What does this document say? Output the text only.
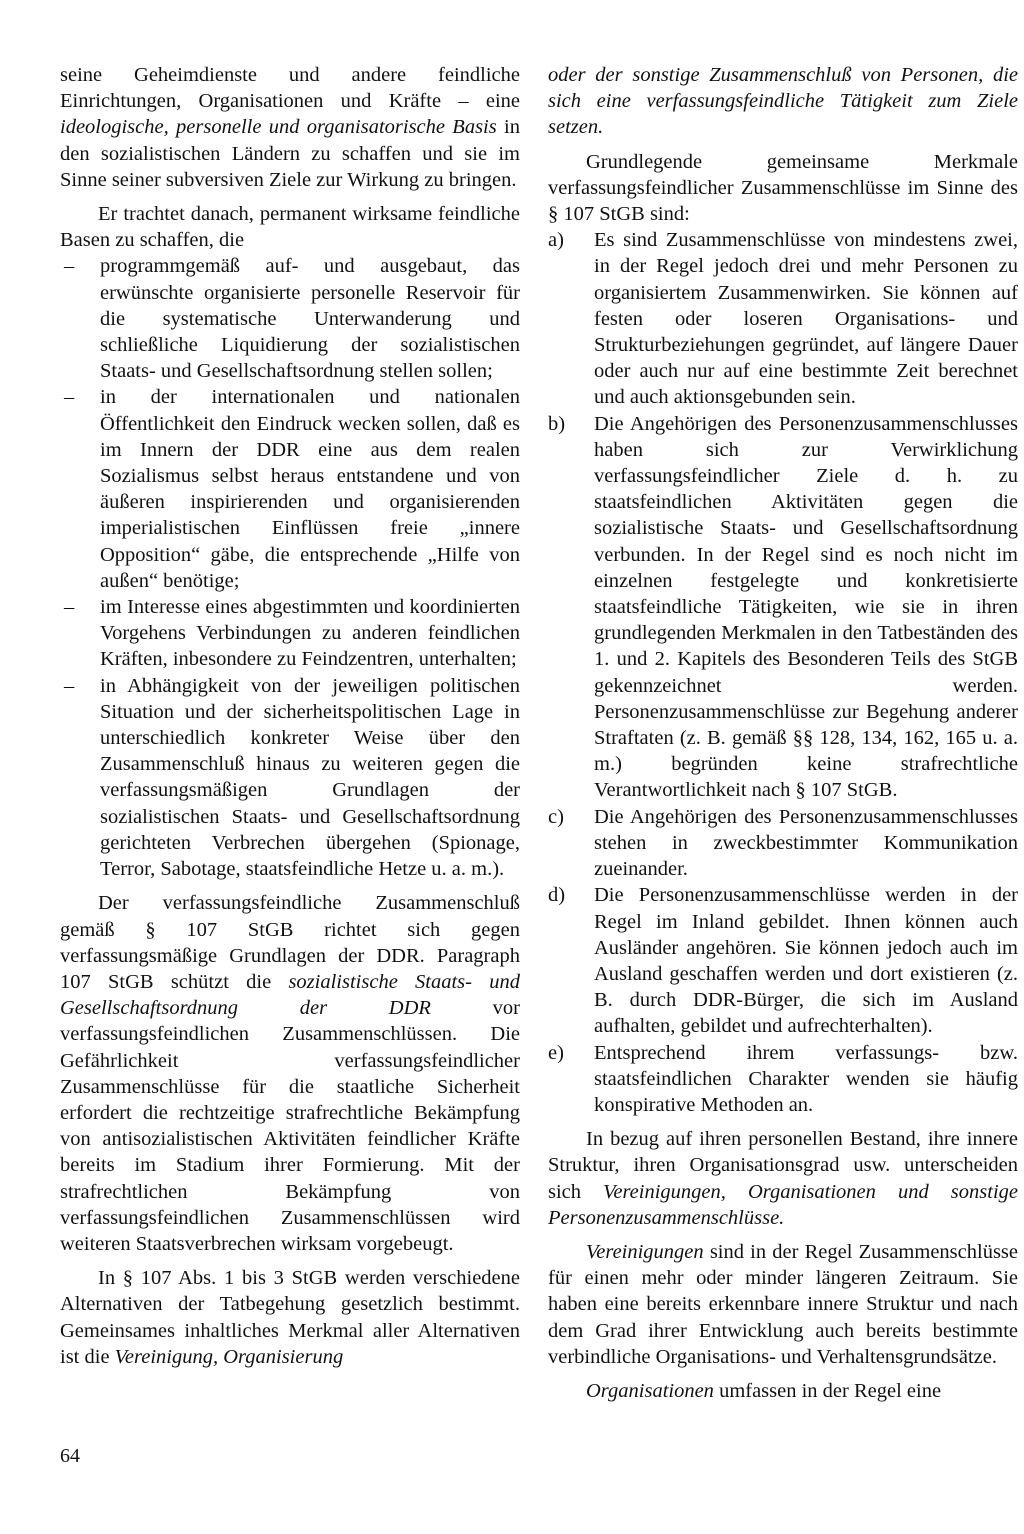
seine Geheimdienste und andere feindliche Einrichtungen, Organisationen und Kräfte – eine ideologische, personelle und organisatorische Basis in den sozialistischen Ländern zu schaffen und sie im Sinne seiner subversiven Ziele zur Wirkung zu bringen.

Er trachtet danach, permanent wirksame feindliche Basen zu schaffen, die

– programmgemäß auf- und ausgebaut, das erwünschte organisierte personelle Reservoir für die systematische Unterwanderung und schließliche Liquidierung der sozialistischen Staats- und Gesellschaftsordnung stellen sollen;
– in der internationalen und nationalen Öffentlichkeit den Eindruck wecken sollen, daß es im Innern der DDR eine aus dem realen Sozialismus selbst heraus entstandene und von äußeren inspirierenden und organisierenden imperialistischen Einflüssen freie „innere Opposition“ gäbe, die entsprechende „Hilfe von außen“ benötige;
– im Interesse eines abgestimmten und koordinierten Vorgehens Verbindungen zu anderen feindlichen Kräften, inbesondere zu Feindzentren, unterhalten;
– in Abhängigkeit von der jeweiligen politischen Situation und der sicherheitspolitischen Lage in unterschiedlich konkreter Weise über den Zusammenschluß hinaus zu weiteren gegen die verfassungsmäßigen Grundlagen der sozialistischen Staats- und Gesellschaftsordnung gerichteten Verbrechen übergehen (Spionage, Terror, Sabotage, staatsfeindliche Hetze u. a. m.).

Der verfassungsfeindliche Zusammenschluß gemäß § 107 StGB richtet sich gegen verfassungsmäßige Grundlagen der DDR. Paragraph 107 StGB schützt die sozialistische Staats- und Gesellschaftsordnung der DDR vor verfassungsfeindlichen Zusammenschlüssen. Die Gefährlichkeit verfassungsfeindlicher Zusammenschlüsse für die staatliche Sicherheit erfordert die rechtzeitige strafrechtliche Bekämpfung von antisozialistischen Aktivitäten feindlicher Kräfte bereits im Stadium ihrer Formierung. Mit der strafrechtlichen Bekämpfung von verfassungsfeindlichen Zusammenschlüssen wird weiteren Staatsverbrechen wirksam vorgebeugt.

In § 107 Abs. 1 bis 3 StGB werden verschiedene Alternativen der Tatbegehung gesetzlich bestimmt. Gemeinsames inhaltliches Merkmal aller Alternativen ist die Vereinigung, Organisierung

oder der sonstige Zusammenschluß von Personen, die sich eine verfassungsfeindliche Tätigkeit zum Ziele setzen.

Grundlegende gemeinsame Merkmale verfassungsfeindlicher Zusammenschlüsse im Sinne des § 107 StGB sind:

a) Es sind Zusammenschlüsse von mindestens zwei, in der Regel jedoch drei und mehr Personen zu organisiertem Zusammenwirken. Sie können auf festen oder loseren Organisations- und Strukturbeziehungen gegründet, auf längere Dauer oder auch nur auf eine bestimmte Zeit berechnet und auch aktionsgebunden sein.
b) Die Angehörigen des Personenzusammenschlusses haben sich zur Verwirklichung verfassungsfeindlicher Ziele d. h. zu staatsfeindlichen Aktivitäten gegen die sozialistische Staats- und Gesellschaftsordnung verbunden. In der Regel sind es noch nicht im einzelnen festgelegte und konkretisierte staatsfeindliche Tätigkeiten, wie sie in ihren grundlegenden Merkmalen in den Tatbeständen des 1. und 2. Kapitels des Besonderen Teils des StGB gekennzeichnet werden. Personenzusammenschlüsse zur Begehung anderer Straftaten (z. B. gemäß §§ 128, 134, 162, 165 u. a. m.) begründen keine strafrechtliche Verantwortlichkeit nach § 107 StGB.
c) Die Angehörigen des Personenzusammenschlusses stehen in zweckbestimmter Kommunikation zueinander.
d) Die Personenzusammenschlüsse werden in der Regel im Inland gebildet. Ihnen können auch Ausländer angehören. Sie können jedoch auch im Ausland geschaffen werden und dort existieren (z. B. durch DDR-Bürger, die sich im Ausland aufhalten, gebildet und aufrechterhalten).
e) Entsprechend ihrem verfassungs- bzw. staatsfeindlichen Charakter wenden sie häufig konspirative Methoden an.

In bezug auf ihren personellen Bestand, ihre innere Struktur, ihren Organisationsgrad usw. unterscheiden sich Vereinigungen, Organisationen und sonstige Personenzusammenschlüsse.

Vereinigungen sind in der Regel Zusammenschlüsse für einen mehr oder minder längeren Zeitraum. Sie haben eine bereits erkennbare innere Struktur und nach dem Grad ihrer Entwicklung auch bereits bestimmte verbindliche Organisations- und Verhaltensgrundsätze.

Organisationen umfassen in der Regel eine

64
